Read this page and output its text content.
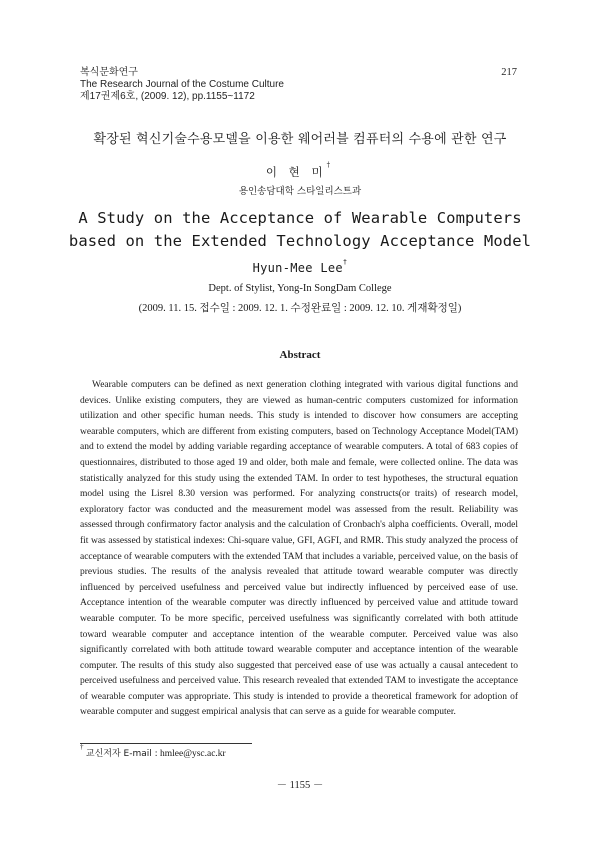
복식문화연구
The Research Journal of the Costume Culture
제17권제6호, (2009. 12), pp.1155~1172
217
확장된 혁신기술수용모델을 이용한 웨어러블 컴퓨터의 수용에 관한 연구
이 현 미†
용인송담대학 스타일리스트과
A Study on the Acceptance of Wearable Computers
based on the Extended Technology Acceptance Model
Hyun-Mee Lee†
Dept. of Stylist, Yong-In SongDam College
(2009. 11. 15. 접수일 : 2009. 12. 1. 수정완료일 : 2009. 12. 10. 게재확정일)
Abstract

Wearable computers can be defined as next generation clothing integrated with various digital functions and devices. Unlike existing computers, they are viewed as human-centric computers customized for information utilization and other specific human needs. This study is intended to discover how consumers are accepting wearable computers, which are different from existing computers, based on Technology Acceptance Model(TAM) and to extend the model by adding variable regarding acceptance of wearable computers. A total of 683 copies of questionnaires, distributed to those aged 19 and older, both male and female, were collected online. The data was statistically analyzed for this study using the extended TAM. In order to test hypotheses, the structural equation model using the Lisrel 8.30 version was performed. For analyzing constructs(or traits) of research model, exploratory factor was conducted and the measurement model was assessed from the result. Reliability was assessed through confirmatory factor analysis and the calculation of Cronbach's alpha coefficients. Overall, model fit was assessed by statistical indexes: Chi-square value, GFI, AGFI, and RMR. This study analyzed the process of acceptance of wearable computers with the extended TAM that includes a variable, perceived value, on the basis of previous studies. The results of the analysis revealed that attitude toward wearable computer was directly influenced by perceived usefulness and perceived value but indirectly influenced by perceived ease of use. Acceptance intention of the wearable computer was directly influenced by perceived value and attitude toward wearable computer. To be more specific, perceived usefulness was significantly correlated with both attitude toward wearable computer and acceptance intention of the wearable computer. Perceived value was also significantly correlated with both attitude toward wearable computer and acceptance intention of the wearable computer. The results of this study also suggested that perceived ease of use was actually a causal antecedent to perceived usefulness and perceived value. This research revealed that extended TAM to investigate the acceptance of wearable computer was appropriate. This study is intended to provide a theoretical framework for adoption of wearable computer and suggest empirical analysis that can serve as a guide for wearable computer.

† 교신저자 E-mail : hmlee@ysc.ac.kr
－ 1155 －
